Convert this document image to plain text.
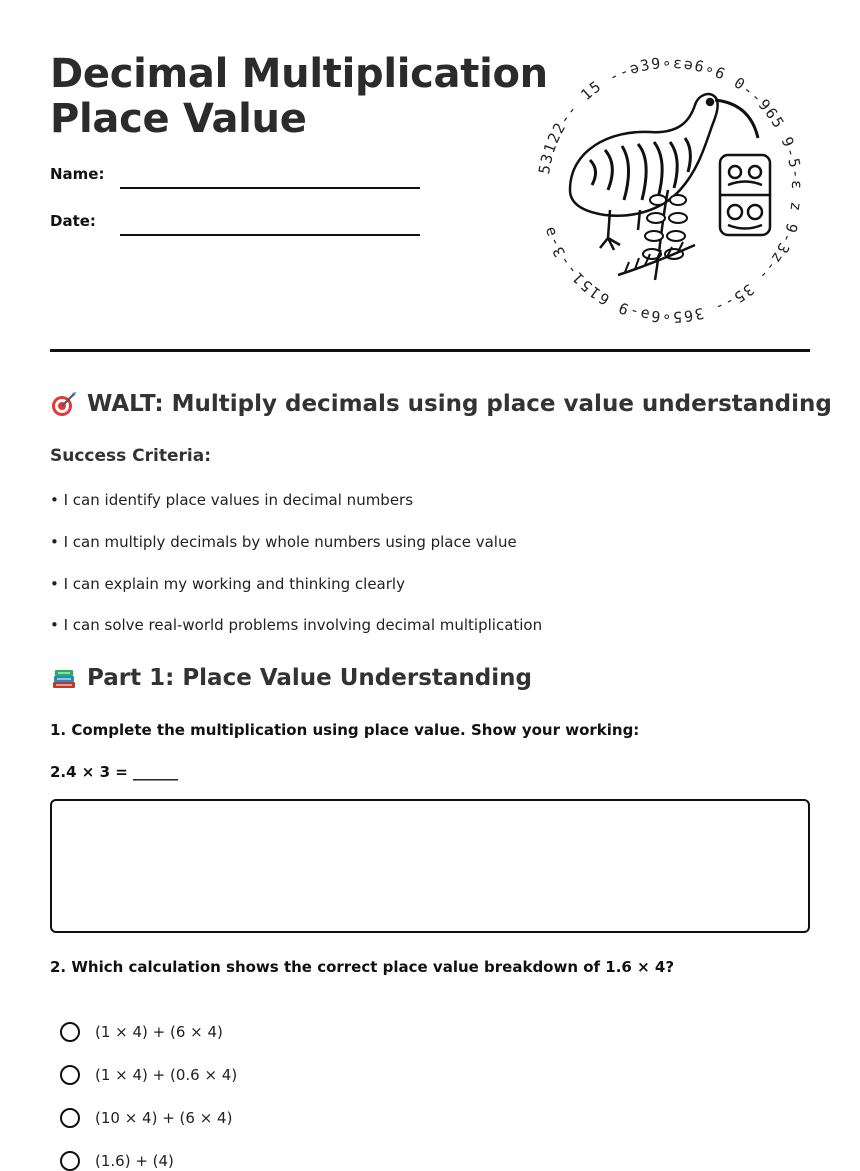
Decimal Multiplication
Place Value
Name:
Date:
53122-- 15 --ə39∘ɛə6∘6 0--965 9-5-ɛ z 9-3z-- 35-- 365∘6ə-9 6151--3-ə
WALT: Multiply decimals using place value understanding
Success Criteria:
• I can identify place values in decimal numbers
• I can multiply decimals by whole numbers using place value
• I can explain my working and thinking clearly
• I can solve real-world problems involving decimal multiplication
Part 1: Place Value Understanding
1. Complete the multiplication using place value. Show your working:
2.4 × 3 = ______
2. Which calculation shows the correct place value breakdown of 1.6 × 4?
(1 × 4) + (6 × 4)
(1 × 4) + (0.6 × 4)
(10 × 4) + (6 × 4)
(1.6) + (4)
